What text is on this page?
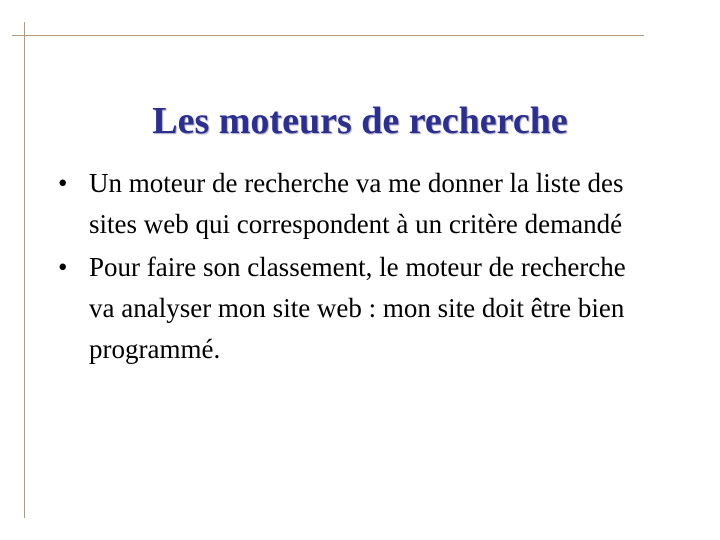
Les moteurs de recherche
• Un moteur de recherche va me donner la liste des sites web qui correspondent à un critère demandé
• Pour faire son classement, le moteur de recherche va analyser mon site web : mon site doit être bien programmé.
